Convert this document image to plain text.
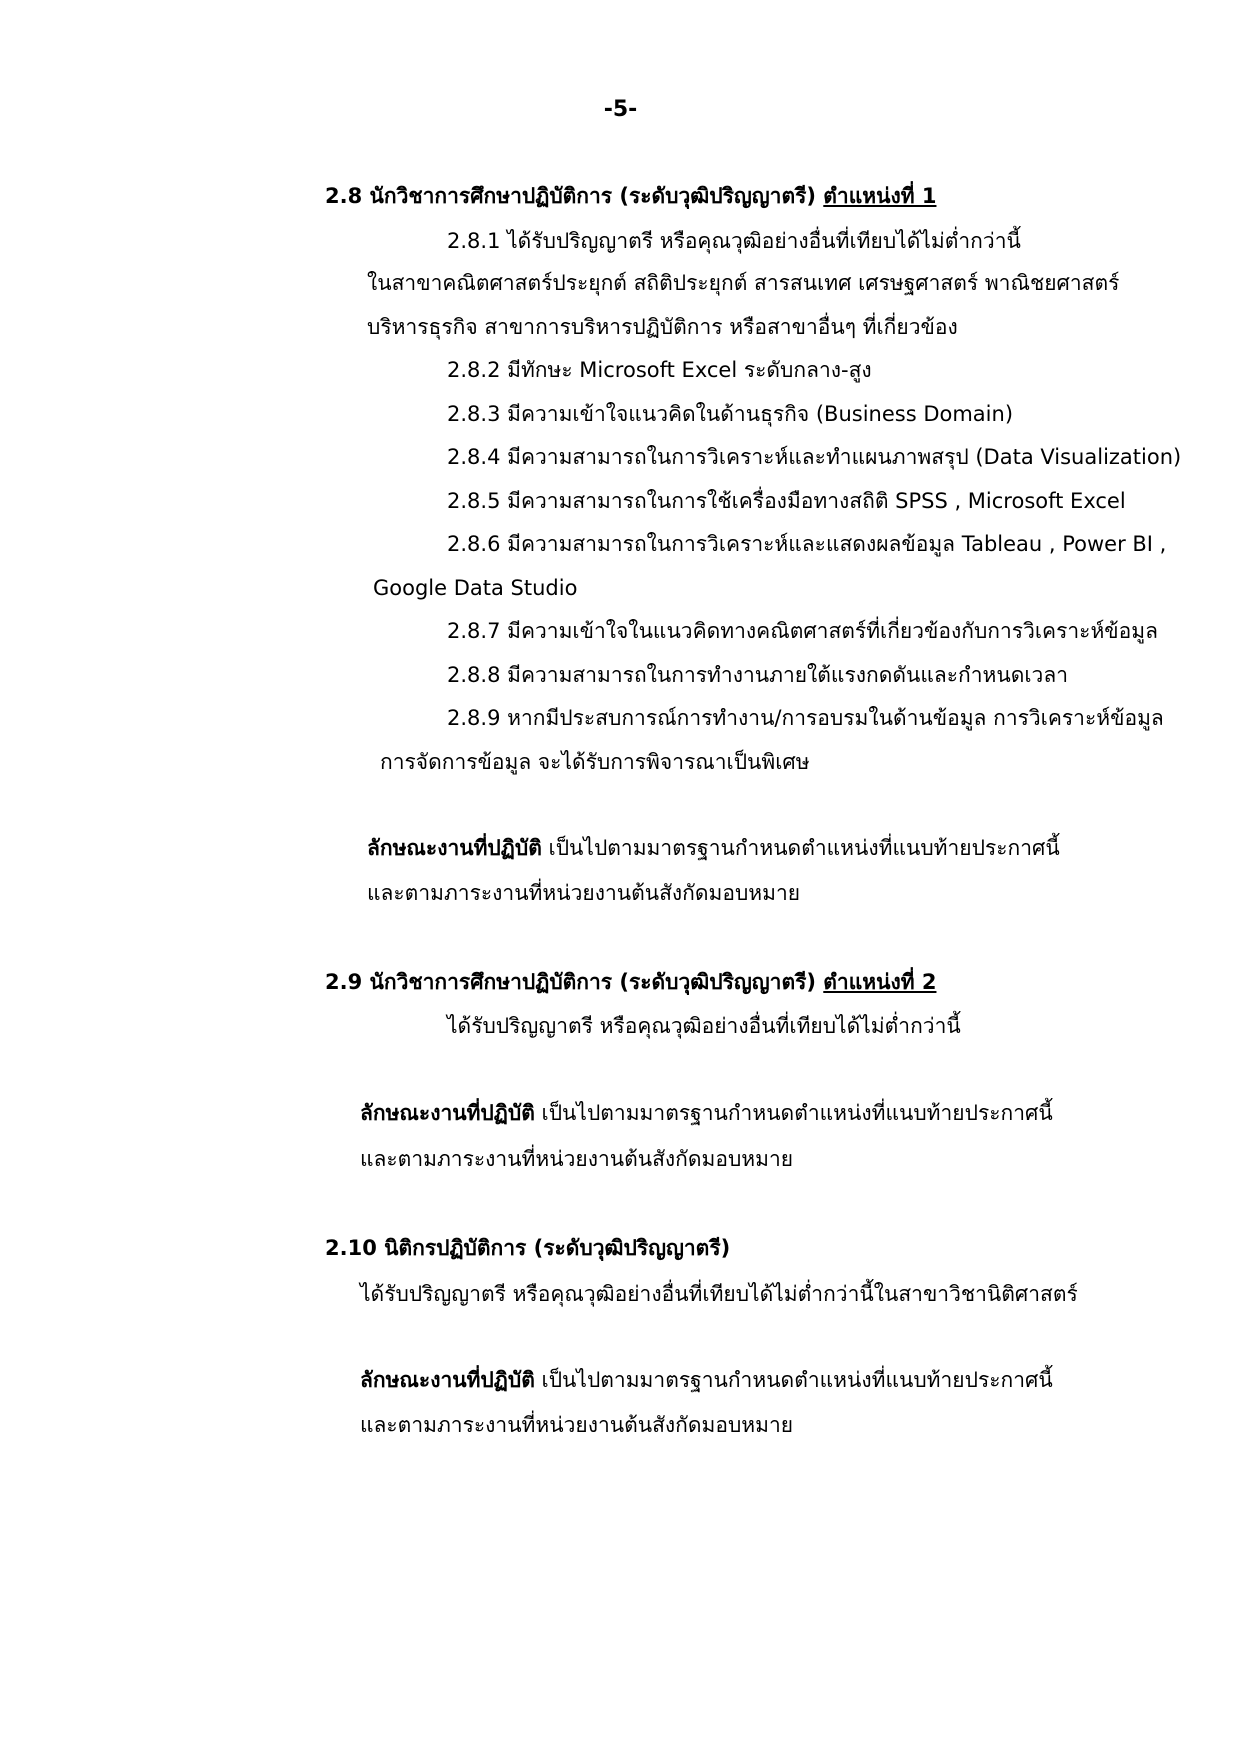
-5-
2.8 นักวิชาการศึกษาปฏิบัติการ (ระดับวุฒิปริญญาตรี) ตำแหน่งที่ 1
2.8.1 ได้รับปริญญาตรี หรือคุณวุฒิอย่างอื่นที่เทียบได้ไม่ต่ำกว่านี้
ในสาขาคณิตศาสตร์ประยุกต์ สถิติประยุกต์ สารสนเทศ เศรษฐศาสตร์ พาณิชยศาสตร์
บริหารธุรกิจ สาขาการบริหารปฏิบัติการ หรือสาขาอื่นๆ ที่เกี่ยวข้อง
2.8.2 มีทักษะ Microsoft Excel ระดับกลาง-สูง
2.8.3 มีความเข้าใจแนวคิดในด้านธุรกิจ (Business Domain)
2.8.4 มีความสามารถในการวิเคราะห์และทำแผนภาพสรุป (Data Visualization)
2.8.5 มีความสามารถในการใช้เครื่องมือทางสถิติ SPSS , Microsoft Excel
2.8.6 มีความสามารถในการวิเคราะห์และแสดงผลข้อมูล Tableau , Power BI ,
Google Data Studio
2.8.7 มีความเข้าใจในแนวคิดทางคณิตศาสตร์ที่เกี่ยวข้องกับการวิเคราะห์ข้อมูล
2.8.8 มีความสามารถในการทำงานภายใต้แรงกดดันและกำหนดเวลา
2.8.9 หากมีประสบการณ์การทำงาน/การอบรมในด้านข้อมูล การวิเคราะห์ข้อมูล
การจัดการข้อมูล จะได้รับการพิจารณาเป็นพิเศษ
ลักษณะงานที่ปฏิบัติ เป็นไปตามมาตรฐานกำหนดตำแหน่งที่แนบท้ายประกาศนี้
และตามภาระงานที่หน่วยงานต้นสังกัดมอบหมาย
2.9 นักวิชาการศึกษาปฏิบัติการ (ระดับวุฒิปริญญาตรี) ตำแหน่งที่ 2
ได้รับปริญญาตรี หรือคุณวุฒิอย่างอื่นที่เทียบได้ไม่ต่ำกว่านี้
ลักษณะงานที่ปฏิบัติ เป็นไปตามมาตรฐานกำหนดตำแหน่งที่แนบท้ายประกาศนี้
และตามภาระงานที่หน่วยงานต้นสังกัดมอบหมาย
2.10 นิติกรปฏิบัติการ (ระดับวุฒิปริญญาตรี)
ได้รับปริญญาตรี หรือคุณวุฒิอย่างอื่นที่เทียบได้ไม่ต่ำกว่านี้ในสาขาวิชานิติศาสตร์
ลักษณะงานที่ปฏิบัติ เป็นไปตามมาตรฐานกำหนดตำแหน่งที่แนบท้ายประกาศนี้
และตามภาระงานที่หน่วยงานต้นสังกัดมอบหมาย
